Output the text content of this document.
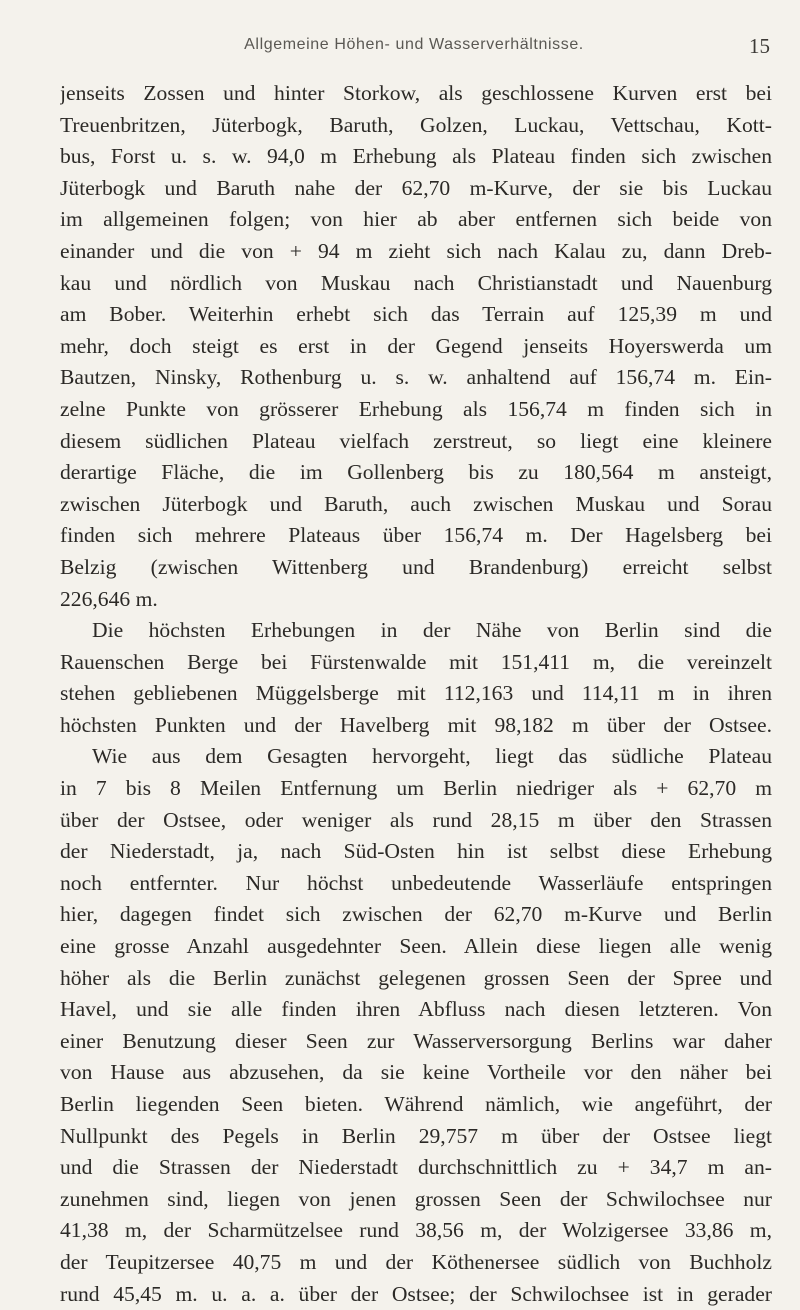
Allgemeine Höhen- und Wasserverhältnisse.	15
jenseits Zossen und hinter Storkow, als geschlossene Kurven erst bei
Treuenbritzen, Jüterbogk, Baruth, Golzen, Luckau, Vettschau, Kott-
bus, Forst u. s. w. 94,0 m Erhebung als Plateau finden sich zwischen
Jüterbogk und Baruth nahe der 62,70 m-Kurve, der sie bis Luckau
im allgemeinen folgen; von hier ab aber entfernen sich beide von
einander und die von + 94 m zieht sich nach Kalau zu, dann Dreb-
kau und nördlich von Muskau nach Christianstadt und Nauenburg
am Bober. Weiterhin erhebt sich das Terrain auf 125,39 m und
mehr, doch steigt es erst in der Gegend jenseits Hoyerswerda um
Bautzen, Ninsky, Rothenburg u. s. w. anhaltend auf 156,74 m. Ein-
zelne Punkte von grösserer Erhebung als 156,74 m finden sich in
diesem südlichen Plateau vielfach zerstreut, so liegt eine kleinere
derartige Fläche, die im Gollenberg bis zu 180,564 m ansteigt,
zwischen Jüterbogk und Baruth, auch zwischen Muskau und Sorau
finden sich mehrere Plateaus über 156,74 m. Der Hagelsberg bei
Belzig (zwischen Wittenberg und Brandenburg) erreicht selbst
226,646 m.
Die höchsten Erhebungen in der Nähe von Berlin sind die
Rauenschen Berge bei Fürstenwalde mit 151,411 m, die vereinzelt
stehen gebliebenen Müggelsberge mit 112,163 und 114,11 m in ihren
höchsten Punkten und der Havelberg mit 98,182 m über der Ostsee.
Wie aus dem Gesagten hervorgeht, liegt das südliche Plateau
in 7 bis 8 Meilen Entfernung um Berlin niedriger als + 62,70 m
über der Ostsee, oder weniger als rund 28,15 m über den Strassen
der Niederstadt, ja, nach Süd-Osten hin ist selbst diese Erhebung
noch entfernter. Nur höchst unbedeutende Wasserläufe entspringen
hier, dagegen findet sich zwischen der 62,70 m-Kurve und Berlin
eine grosse Anzahl ausgedehnter Seen. Allein diese liegen alle wenig
höher als die Berlin zunächst gelegenen grossen Seen der Spree und
Havel, und sie alle finden ihren Abfluss nach diesen letzteren. Von
einer Benutzung dieser Seen zur Wasserversorgung Berlins war daher
von Hause aus abzusehen, da sie keine Vortheile vor den näher bei
Berlin liegenden Seen bieten. Während nämlich, wie angeführt, der
Nullpunkt des Pegels in Berlin 29,757 m über der Ostsee liegt
und die Strassen der Niederstadt durchschnittlich zu + 34,7 m an-
zunehmen sind, liegen von jenen grossen Seen der Schwilochsee nur
41,38 m, der Scharmützelsee rund 38,56 m, der Wolzigersee 33,86 m,
der Teupitzersee 40,75 m und der Köthenersee südlich von Buchholz
rund 45,45 m. u. a. a. über der Ostsee; der Schwilochsee ist in gerader
